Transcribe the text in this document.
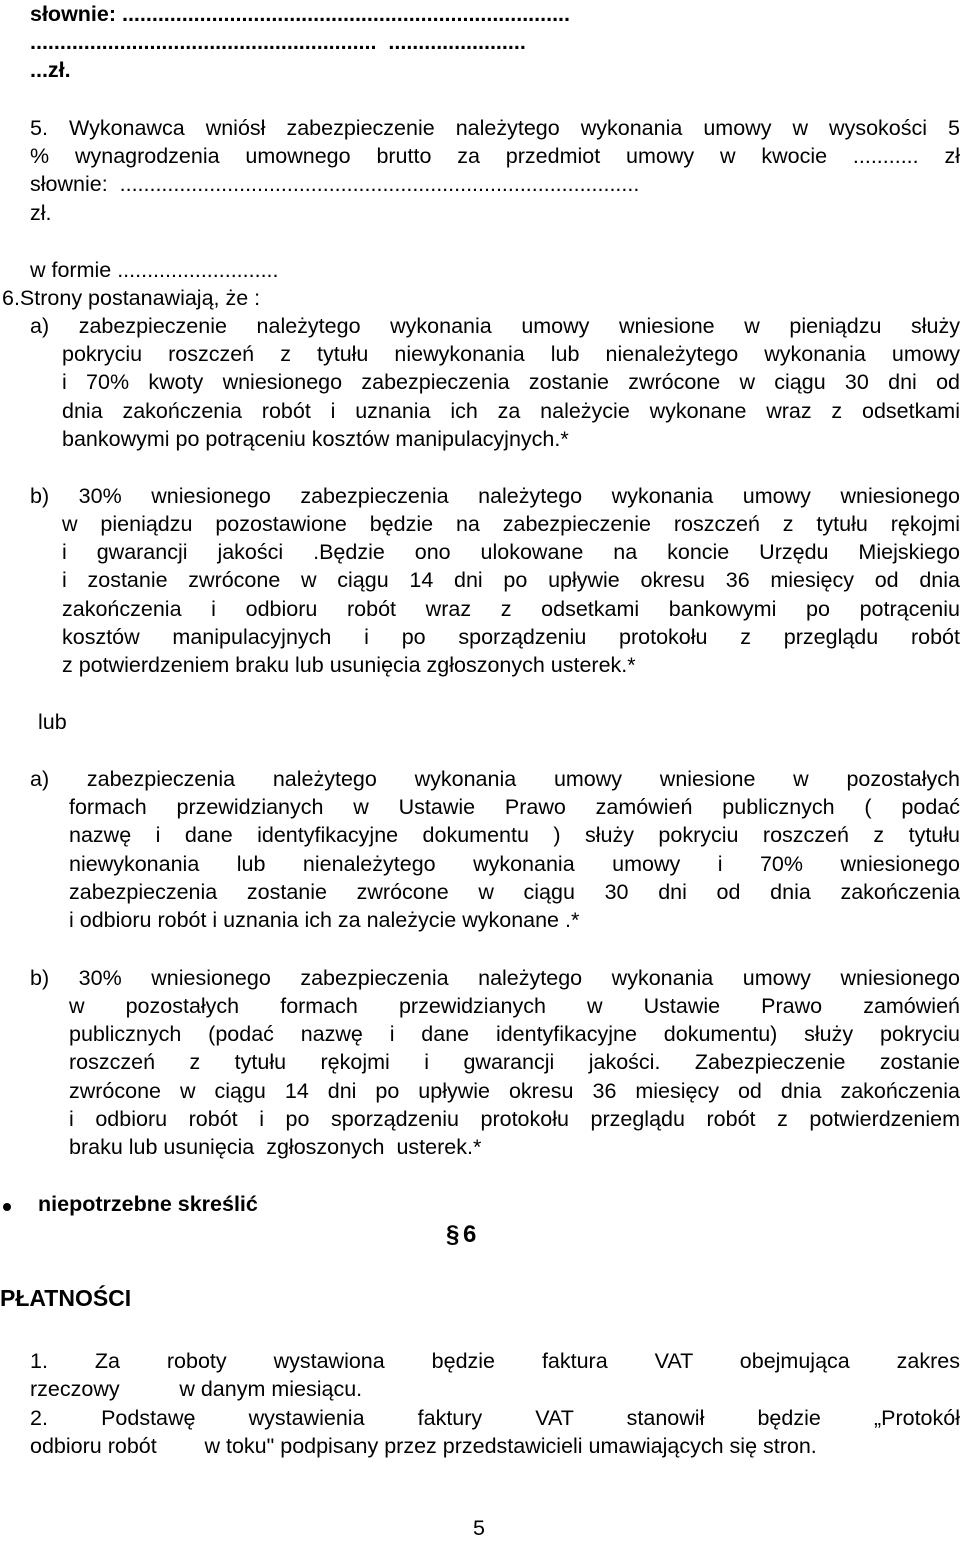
słownie: ...........................................................................
..........................................................  .......................
...zł.
5. Wykonawca wniósł zabezpieczenie należytego wykonania umowy w wysokości 5
% wynagrodzenia umownego brutto za przedmiot umowy w kwocie ........... zł
słownie:  .......................................................................................
zł.
w formie ...........................
6.Strony postanawiają, że :
a) zabezpieczenie należytego wykonania umowy wniesione w pieniądzu służy
pokryciu roszczeń z tytułu niewykonania lub nienależytego wykonania umowy
i 70% kwoty wniesionego zabezpieczenia zostanie zwrócone w ciągu 30 dni od
dnia zakończenia robót i uznania ich za należycie wykonane wraz z odsetkami
bankowymi po potrąceniu kosztów manipulacyjnych.*
b) 30% wniesionego zabezpieczenia należytego wykonania umowy wniesionego
w pieniądzu pozostawione będzie na zabezpieczenie roszczeń z tytułu rękojmi
i gwarancji jakości .Będzie ono ulokowane na koncie Urzędu Miejskiego
i zostanie zwrócone w ciągu 14 dni po upływie okresu 36 miesięcy od dnia
zakończenia i odbioru robót wraz z odsetkami bankowymi po potrąceniu
kosztów manipulacyjnych i po sporządzeniu protokołu z przeglądu robót
z potwierdzeniem braku lub usunięcia zgłoszonych usterek.*
lub
a) zabezpieczenia należytego wykonania umowy wniesione w pozostałych
formach przewidzianych w Ustawie Prawo zamówień publicznych ( podać
nazwę i dane identyfikacyjne dokumentu ) służy pokryciu roszczeń z tytułu
niewykonania lub nienależytego wykonania umowy i 70% wniesionego
zabezpieczenia zostanie zwrócone w ciągu 30 dni od dnia zakończenia
i odbioru robót i uznania ich za należycie wykonane .*
b) 30% wniesionego zabezpieczenia należytego wykonania umowy wniesionego
w pozostałych formach przewidzianych w Ustawie Prawo zamówień
publicznych (podać nazwę i dane identyfikacyjne dokumentu) służy pokryciu
roszczeń z tytułu rękojmi i gwarancji jakości. Zabezpieczenie zostanie
zwrócone w ciągu 14 dni po upływie okresu 36 miesięcy od dnia zakończenia
i odbioru robót i po sporządzeniu protokołu przeglądu robót z potwierdzeniem
braku lub usunięcia  zgłoszonych  usterek.*
niepotrzebne skreślić
§ 6
PŁATNOŚCI
1. Za roboty wystawiona będzie faktura VAT obejmująca zakres
rzeczowy          w danym miesiącu.
2. Podstawę wystawienia faktury VAT stanowił będzie „Protokół
odbioru robót        w toku" podpisany przez przedstawicieli umawiających się stron.
5
